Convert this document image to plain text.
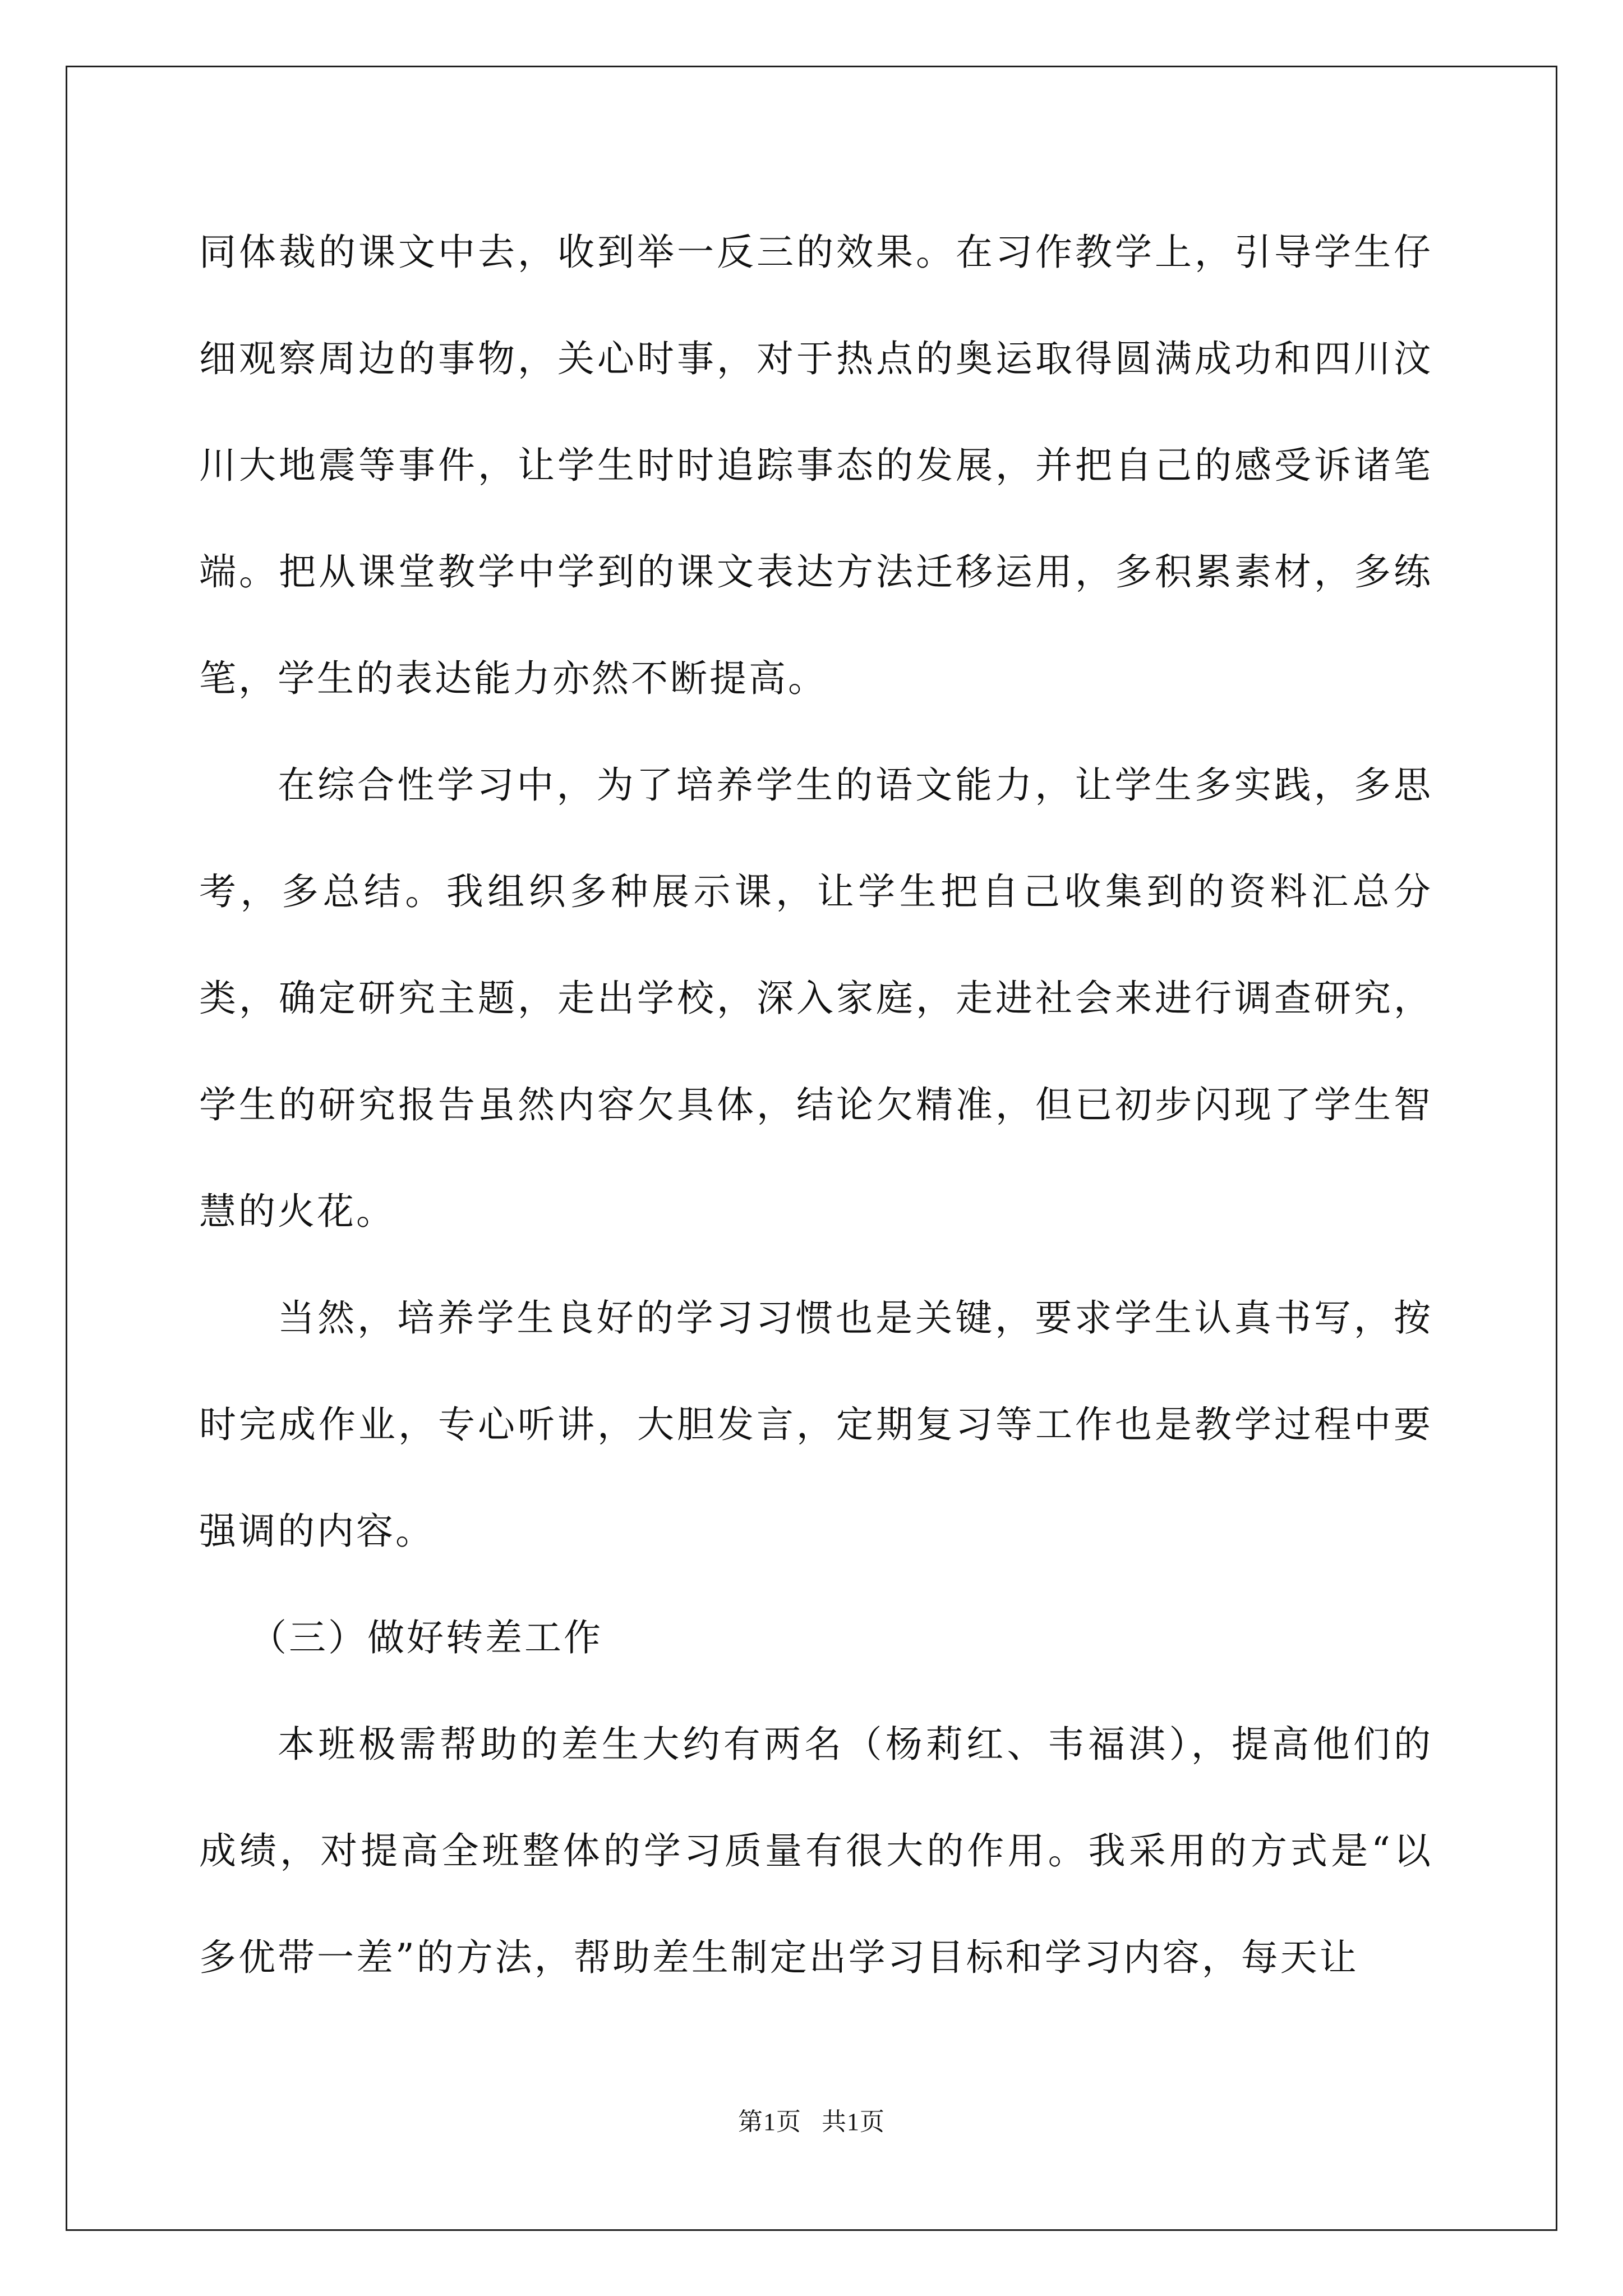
同体裁的课文中去，收到举一反三的效果。在习作教学上，引导学生仔细观察周边的事物，关心时事，对于热点的奥运取得圆满成功和四川汶川大地震等事件，让学生时时追踪事态的发展，并把自己的感受诉诸笔端。把从课堂教学中学到的课文表达方法迁移运用，多积累素材，多练笔，学生的表达能力亦然不断提高。

在综合性学习中，为了培养学生的语文能力，让学生多实践，多思考，多总结。我组织多种展示课，让学生把自己收集到的资料汇总分类，确定研究主题，走出学校，深入家庭，走进社会来进行调查研究，学生的研究报告虽然内容欠具体，结论欠精准，但已初步闪现了学生智慧的火花。

当然，培养学生良好的学习习惯也是关键，要求学生认真书写，按时完成作业，专心听讲，大胆发言，定期复习等工作也是教学过程中要强调的内容。

（三）做好转差工作

本班极需帮助的差生大约有两名（杨莉红、韦福淇），提高他们的成绩，对提高全班整体的学习质量有很大的作用。我采用的方式是“以多优带一差”的方法，帮助差生制定出学习目标和学习内容，每天让

第1页   共1页
